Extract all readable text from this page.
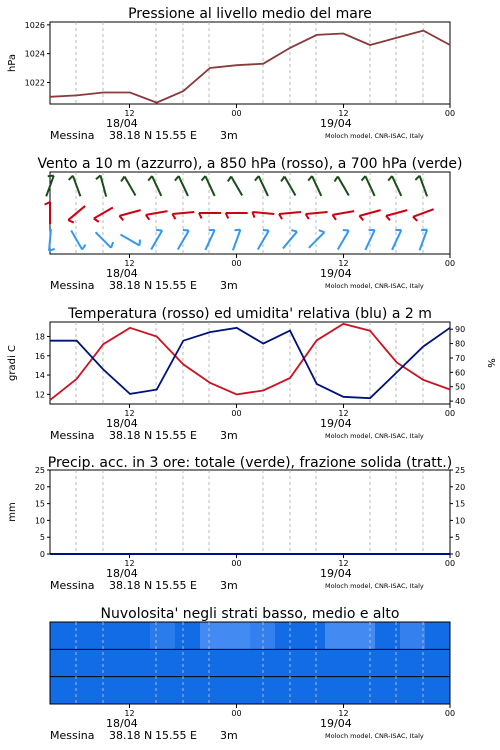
12	00	12	00
18/04	19/04
Messina 38.18 N 15.55 E 3m	Moloch model, CNR-ISAC, Italy
Pressione al livello medio del mare
1022
1024
1026
hPa
12	00	12	00
18/04	19/04
Messina 38.18 N 15.55 E 3m	Moloch model, CNR-ISAC, Italy
Vento a 10 m (azzurro), a 850 hPa (rosso), a 700 hPa (verde)
12	00	12	00
18/04	19/04
Messina 38.18 N 15.55 E 3m	Moloch model, CNR-ISAC, Italy
Temperatura (rosso) ed umidita' relativa (blu) a 2 m
12
14
16
18
40
50
60
70
80
90
gradi C	%
12	00	12	00
18/04	19/04
Messina 38.18 N 15.55 E 3m	Moloch model, CNR-ISAC, Italy
Precip. acc. in 3 ore: totale (verde), frazione solida (tratt.)
0	0
5	5
10	10
15	15
20	20
25	25
mm
12	00	12	00
18/04	19/04
Messina 38.18 N 15.55 E 3m	Moloch model, CNR-ISAC, Italy
Nuvolosita' negli strati basso, medio e alto
